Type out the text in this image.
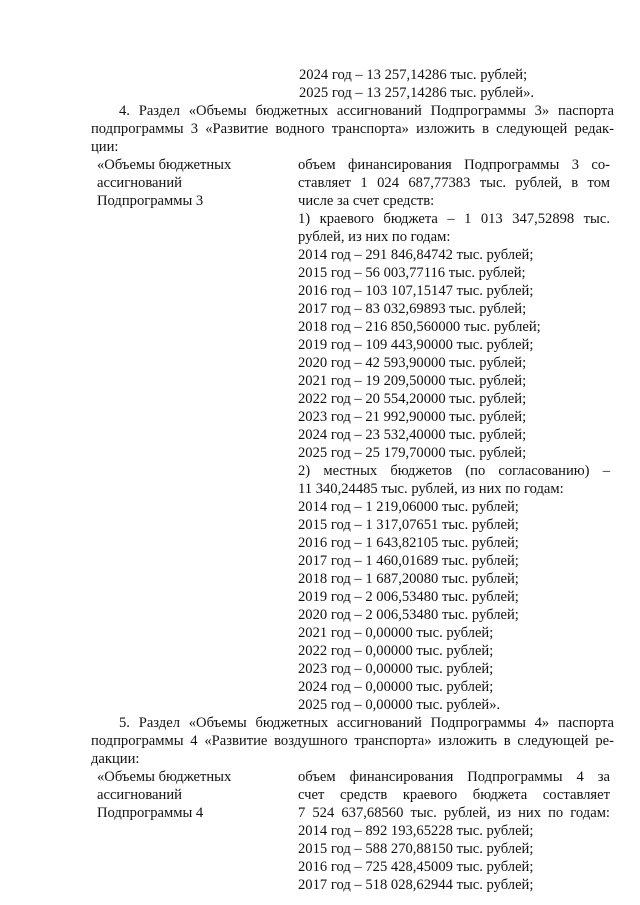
2024 год – 13 257,14286 тыс. рублей;
2025 год – 13 257,14286 тыс. рублей».
4. Раздел «Объемы бюджетных ассигнований Подпрограммы 3» паспорта
подпрограммы 3 «Развитие водного транспорта» изложить в следующей редак-
ции:
«Объемы бюджетных
ассигнований
Подпрограммы 3
объем финансирования Подпрограммы 3 со-
ставляет 1 024 687,77383 тыс. рублей, в том
числе за счет средств:
1) краевого бюджета – 1 013 347,52898 тыс.
рублей, из них по годам:
2014 год – 291 846,84742 тыс. рублей;
2015 год – 56 003,77116 тыс. рублей;
2016 год – 103 107,15147 тыс. рублей;
2017 год – 83 032,69893 тыс. рублей;
2018 год – 216 850,560000 тыс. рублей;
2019 год – 109 443,90000 тыс. рублей;
2020 год – 42 593,90000 тыс. рублей;
2021 год – 19 209,50000 тыс. рублей;
2022 год – 20 554,20000 тыс. рублей;
2023 год – 21 992,90000 тыс. рублей;
2024 год – 23 532,40000 тыс. рублей;
2025 год – 25 179,70000 тыс. рублей;
2) местных бюджетов (по согласованию) –
11 340,24485 тыс. рублей, из них по годам:
2014 год – 1 219,06000 тыс. рублей;
2015 год – 1 317,07651 тыс. рублей;
2016 год – 1 643,82105 тыс. рублей;
2017 год – 1 460,01689 тыс. рублей;
2018 год – 1 687,20080 тыс. рублей;
2019 год – 2 006,53480 тыс. рублей;
2020 год – 2 006,53480 тыс. рублей;
2021 год – 0,00000 тыс. рублей;
2022 год – 0,00000 тыс. рублей;
2023 год – 0,00000 тыс. рублей;
2024 год – 0,00000 тыс. рублей;
2025 год – 0,00000 тыс. рублей».
5. Раздел «Объемы бюджетных ассигнований Подпрограммы 4» паспорта
подпрограммы 4 «Развитие воздушного транспорта» изложить в следующей ре-
дакции:
«Объемы бюджетных
ассигнований
Подпрограммы 4
объем финансирования Подпрограммы 4 за
счет средств краевого бюджета составляет
7 524 637,68560 тыс. рублей, из них по годам:
2014 год – 892 193,65228 тыс. рублей;
2015 год – 588 270,88150 тыс. рублей;
2016 год – 725 428,45009 тыс. рублей;
2017 год – 518 028,62944 тыс. рублей;
